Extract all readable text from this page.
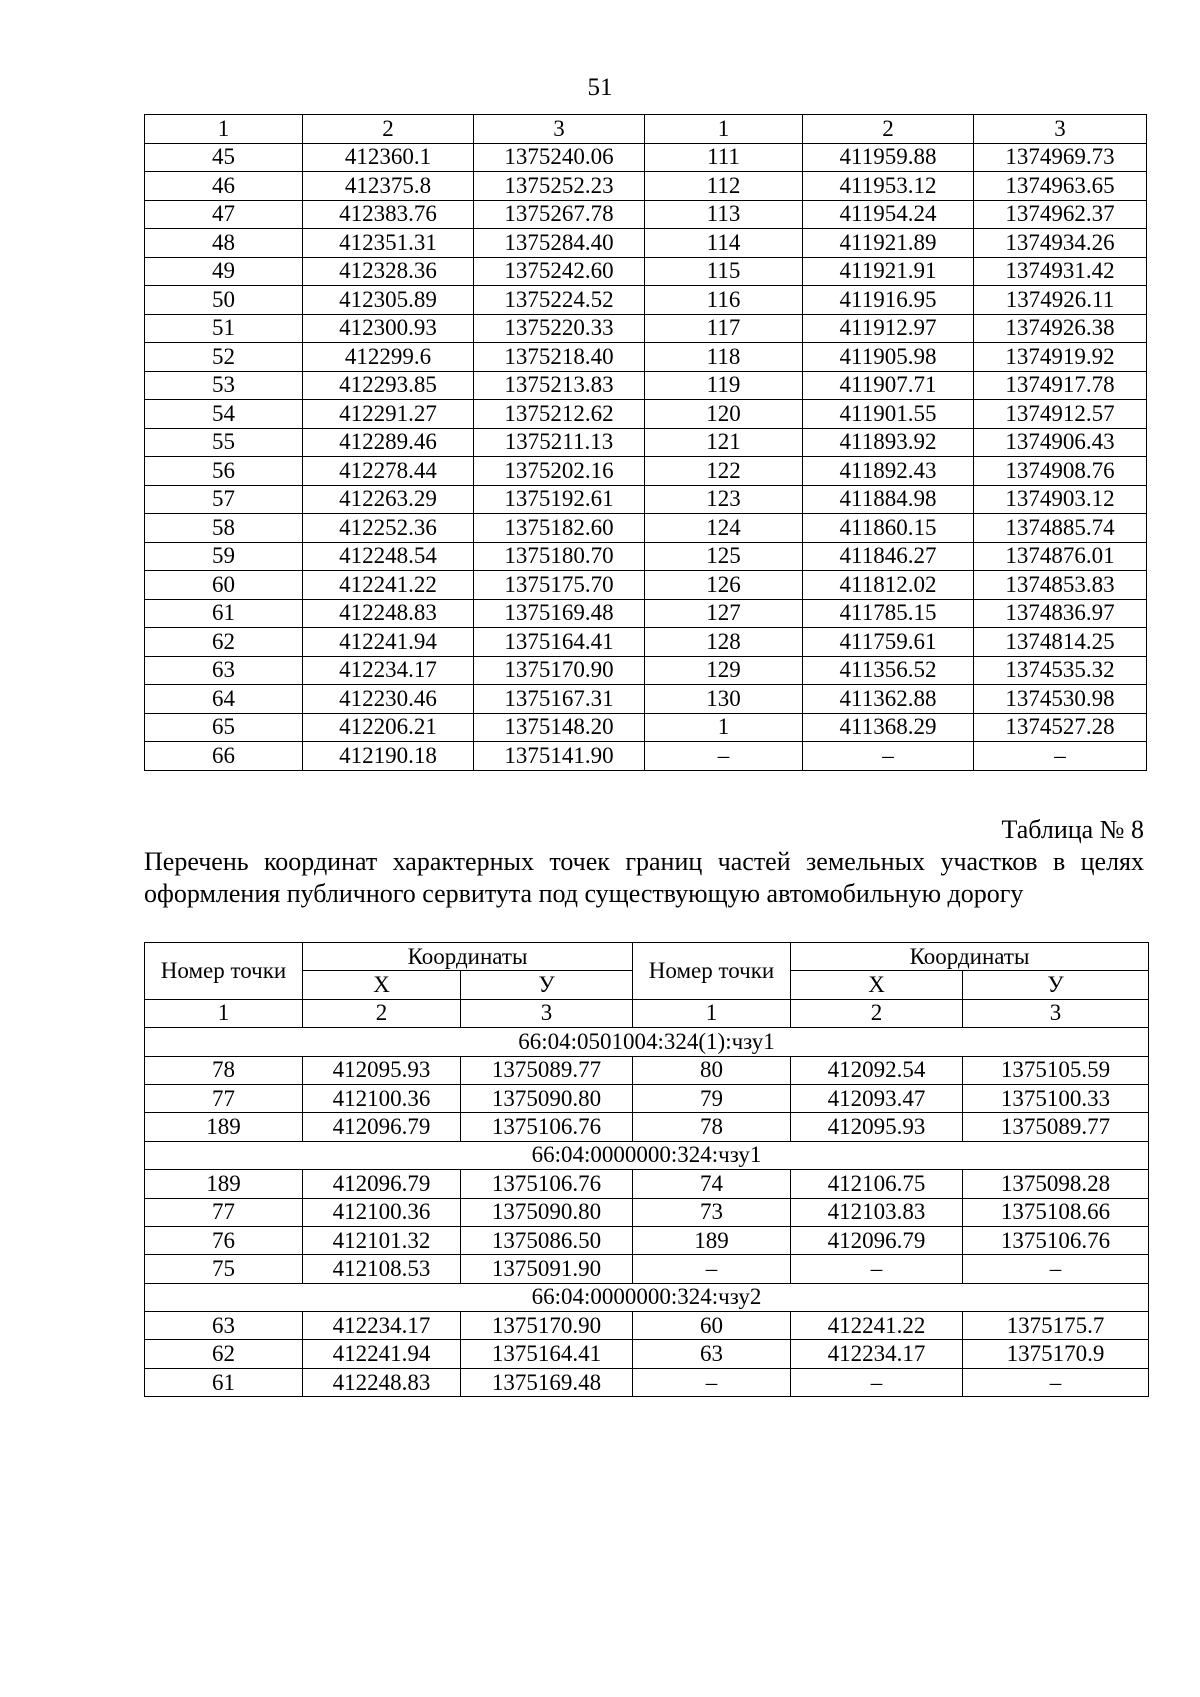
51
1	2	3	1	2	3
45	412360.1	1375240.06	111	411959.88	1374969.73
46	412375.8	1375252.23	112	411953.12	1374963.65
47	412383.76	1375267.78	113	411954.24	1374962.37
48	412351.31	1375284.40	114	411921.89	1374934.26
49	412328.36	1375242.60	115	411921.91	1374931.42
50	412305.89	1375224.52	116	411916.95	1374926.11
51	412300.93	1375220.33	117	411912.97	1374926.38
52	412299.6	1375218.40	118	411905.98	1374919.92
53	412293.85	1375213.83	119	411907.71	1374917.78
54	412291.27	1375212.62	120	411901.55	1374912.57
55	412289.46	1375211.13	121	411893.92	1374906.43
56	412278.44	1375202.16	122	411892.43	1374908.76
57	412263.29	1375192.61	123	411884.98	1374903.12
58	412252.36	1375182.60	124	411860.15	1374885.74
59	412248.54	1375180.70	125	411846.27	1374876.01
60	412241.22	1375175.70	126	411812.02	1374853.83
61	412248.83	1375169.48	127	411785.15	1374836.97
62	412241.94	1375164.41	128	411759.61	1374814.25
63	412234.17	1375170.90	129	411356.52	1374535.32
64	412230.46	1375167.31	130	411362.88	1374530.98
65	412206.21	1375148.20	1	411368.29	1374527.28
66	412190.18	1375141.90	–	–	–
Таблица № 8
Перечень координат характерных точек границ частей земельных участков в целях оформления публичного сервитута под существующую автомобильную дорогу
Номер точки	Координаты		Номер точки	Координаты	
	Х	У		Х	У
1	2	3	1	2	3
66:04:0501004:324(1):чзу1					
78	412095.93	1375089.77	80	412092.54	1375105.59
77	412100.36	1375090.80	79	412093.47	1375100.33
189	412096.79	1375106.76	78	412095.93	1375089.77
66:04:0000000:324:чзу1					
189	412096.79	1375106.76	74	412106.75	1375098.28
77	412100.36	1375090.80	73	412103.83	1375108.66
76	412101.32	1375086.50	189	412096.79	1375106.76
75	412108.53	1375091.90	–	–	–
66:04:0000000:324:чзу2					
63	412234.17	1375170.90	60	412241.22	1375175.7
62	412241.94	1375164.41	63	412234.17	1375170.9
61	412248.83	1375169.48	–	–	–
